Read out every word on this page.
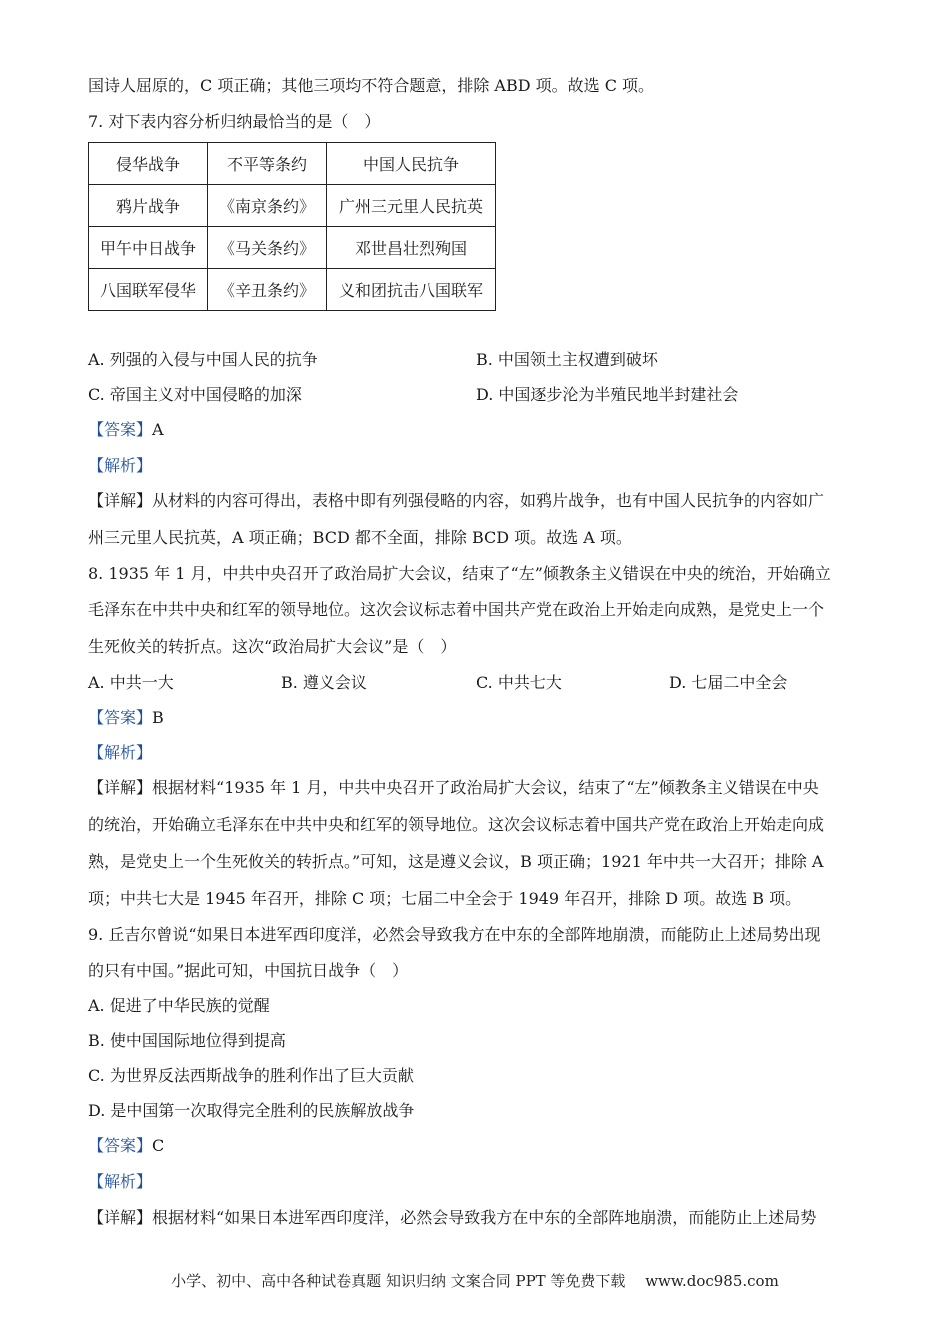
国诗人屈原的，C 项正确；其他三项均不符合题意，排除 ABD 项。故选 C 项。
7. 对下表内容分析归纳最恰当的是（　）
侵华战争	不平等条约	中国人民抗争
鸦片战争	《南京条约》	广州三元里人民抗英
甲午中日战争	《马关条约》	邓世昌壮烈殉国
八国联军侵华	《辛丑条约》	义和团抗击八国联军
A. 列强的入侵与中国人民的抗争	B. 中国领土主权遭到破坏
C. 帝国主义对中国侵略的加深	D. 中国逐步沦为半殖民地半封建社会
【答案】A
【解析】
【详解】从材料的内容可得出，表格中即有列强侵略的内容，如鸦片战争，也有中国人民抗争的内容如广
州三元里人民抗英，A 项正确；BCD 都不全面，排除 BCD 项。故选 A 项。
8. 1935 年 1 月，中共中央召开了政治局扩大会议，结束了“左”倾教条主义错误在中央的统治，开始确立
毛泽东在中共中央和红军的领导地位。这次会议标志着中国共产党在政治上开始走向成熟，是党史上一个
生死攸关的转折点。这次“政治局扩大会议”是（　）
A. 中共一大	B. 遵义会议	C. 中共七大	D. 七届二中全会
【答案】B
【解析】
【详解】根据材料“1935 年 1 月，中共中央召开了政治局扩大会议，结束了“左”倾教条主义错误在中央
的统治，开始确立毛泽东在中共中央和红军的领导地位。这次会议标志着中国共产党在政治上开始走向成
熟，是党史上一个生死攸关的转折点。”可知，这是遵义会议，B 项正确；1921 年中共一大召开；排除 A
项；中共七大是 1945 年召开，排除 C 项；七届二中全会于 1949 年召开，排除 D 项。故选 B 项。
9. 丘吉尔曾说“如果日本进军西印度洋，必然会导致我方在中东的全部阵地崩溃，而能防止上述局势出现
的只有中国。”据此可知，中国抗日战争（　）
A. 促进了中华民族的觉醒
B. 使中国国际地位得到提高
C. 为世界反法西斯战争的胜利作出了巨大贡献
D. 是中国第一次取得完全胜利的民族解放战争
【答案】C
【解析】
【详解】根据材料“如果日本进军西印度洋，必然会导致我方在中东的全部阵地崩溃，而能防止上述局势
小学、初中、高中各种试卷真题 知识归纳 文案合同 PPT 等免费下载　 www.doc985.com
